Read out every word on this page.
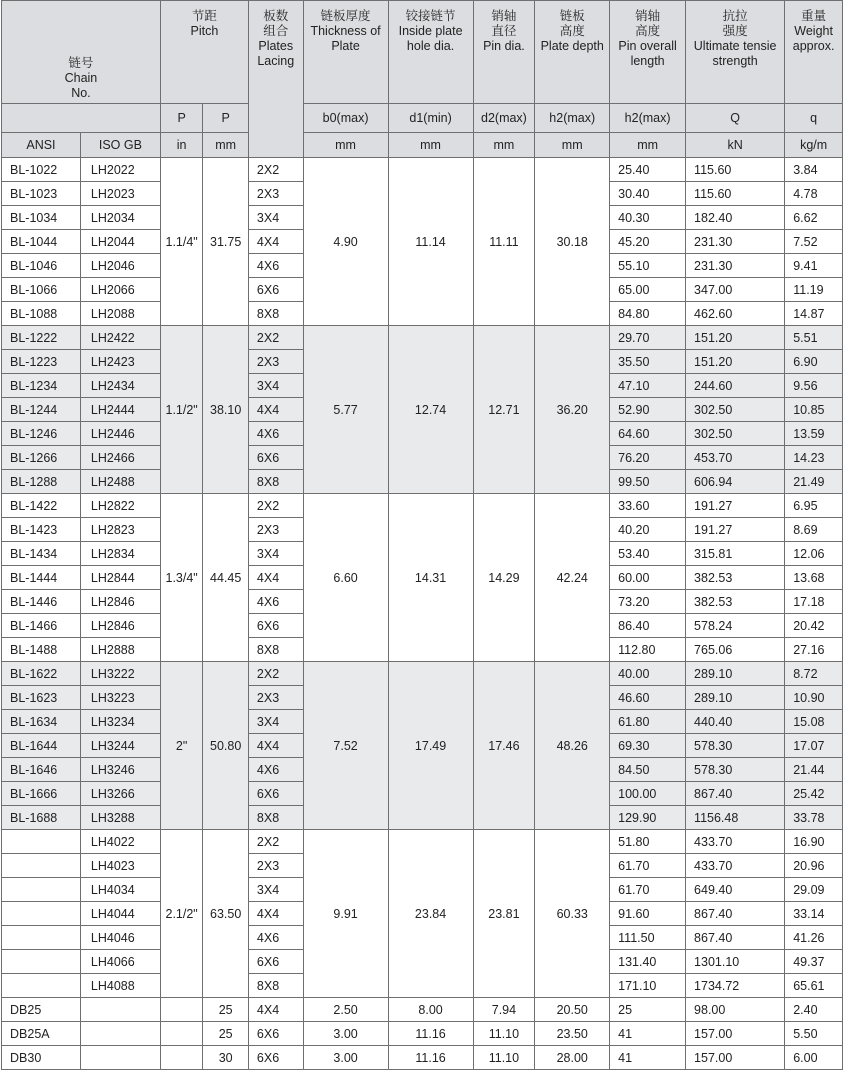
链号
Chain
No.		节距
Pitch		板数
组合
Plates
Lacing	链板厚度
Thickness of
Plate	铰接链节
Inside plate
hole dia.	销轴
直径
Pin dia.	链板
高度
Plate depth	销轴
高度
Pin overall
length	抗拉
强度
Ultimate tensie
strength	重量
Weight
approx.

		P	P		b0(max)	d1(min)	d2(max)	h2(max)	h2(max)	Q	q
ANSI	ISO GB	in	mm		mm	mm	mm	mm	mm	kN	kg/m
BL-1022	LH2022	1.1/4"	31.75	2X2	4.90	11.14	11.11	30.18	25.40	115.60	3.84
BL-1023	LH2023			2X3					30.40	115.60	4.78
BL-1034	LH2034			3X4					40.30	182.40	6.62
BL-1044	LH2044			4X4					45.20	231.30	7.52
BL-1046	LH2046			4X6					55.10	231.30	9.41
BL-1066	LH2066			6X6					65.00	347.00	11.19
BL-1088	LH2088			8X8					84.80	462.60	14.87
BL-1222	LH2422	1.1/2"	38.10	2X2	5.77	12.74	12.71	36.20	29.70	151.20	5.51
BL-1223	LH2423			2X3					35.50	151.20	6.90
BL-1234	LH2434			3X4					47.10	244.60	9.56
BL-1244	LH2444			4X4					52.90	302.50	10.85
BL-1246	LH2446			4X6					64.60	302.50	13.59
BL-1266	LH2466			6X6					76.20	453.70	14.23
BL-1288	LH2488			8X8					99.50	606.94	21.49
BL-1422	LH2822	1.3/4"	44.45	2X2	6.60	14.31	14.29	42.24	33.60	191.27	6.95
BL-1423	LH2823			2X3					40.20	191.27	8.69
BL-1434	LH2834			3X4					53.40	315.81	12.06
BL-1444	LH2844			4X4					60.00	382.53	13.68
BL-1446	LH2846			4X6					73.20	382.53	17.18
BL-1466	LH2846			6X6					86.40	578.24	20.42
BL-1488	LH2888			8X8					112.80	765.06	27.16
BL-1622	LH3222	2"	50.80	2X2	7.52	17.49	17.46	48.26	40.00	289.10	8.72
BL-1623	LH3223			2X3					46.60	289.10	10.90
BL-1634	LH3234			3X4					61.80	440.40	15.08
BL-1644	LH3244			4X4					69.30	578.30	17.07
BL-1646	LH3246			4X6					84.50	578.30	21.44
BL-1666	LH3266			6X6					100.00	867.40	25.42
BL-1688	LH3288			8X8					129.90	1156.48	33.78
	LH4022	2.1/2"	63.50	2X2	9.91	23.84	23.81	60.33	51.80	433.70	16.90
	LH4023			2X3					61.70	433.70	20.96
	LH4034			3X4					61.70	649.40	29.09
	LH4044			4X4					91.60	867.40	33.14
	LH4046			4X6					111.50	867.40	41.26
	LH4066			6X6					131.40	1301.10	49.37
	LH4088			8X8					171.10	1734.72	65.61
DB25			25	4X4	2.50	8.00	7.94	20.50	25	98.00	2.40
DB25A			25	6X6	3.00	11.16	11.10	23.50	41	157.00	5.50
DB30			30	6X6	3.00	11.16	11.10	28.00	41	157.00	6.00
